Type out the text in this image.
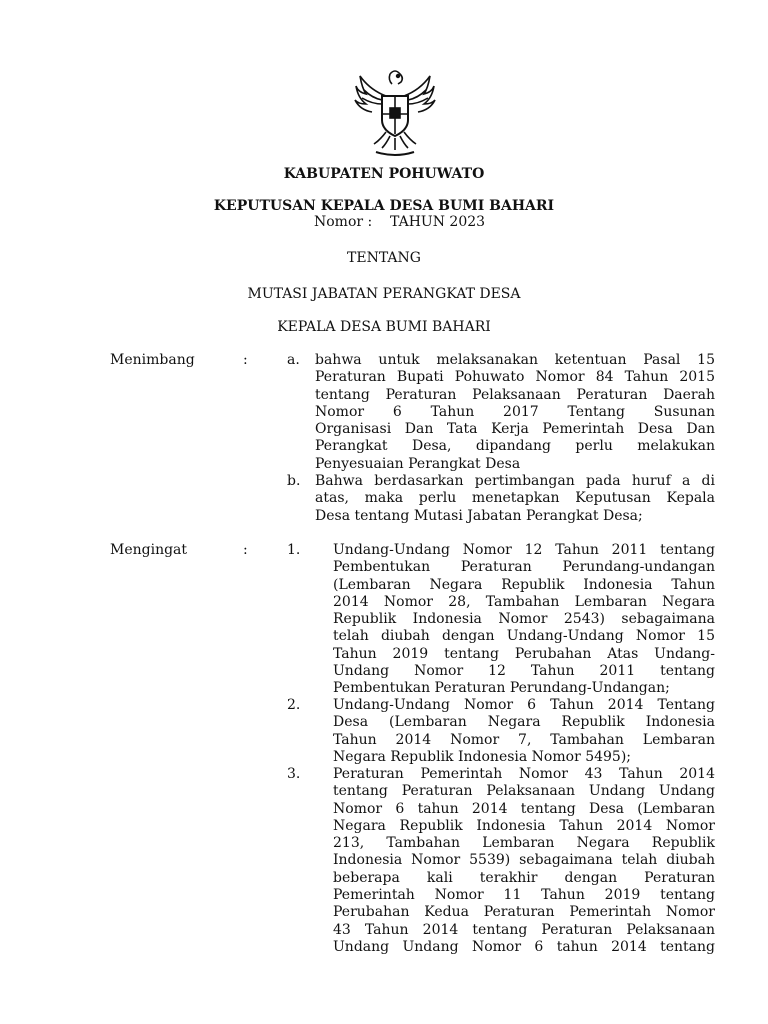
KABUPATEN POHUWATO
KEPUTUSAN KEPALA DESA BUMI BAHARI
Nomor :    TAHUN 2023
TENTANG
MUTASI JABATAN PERANGKAT DESA
KEPALA DESA BUMI BAHARI
Menimbang	:	a. bahwa untuk melaksanakan ketentuan Pasal 15
Peraturan Bupati Pohuwato Nomor 84 Tahun 2015
tentang Peraturan Pelaksanaan Peraturan Daerah
Nomor 6 Tahun 2017 Tentang Susunan
Organisasi Dan Tata Kerja Pemerintah Desa Dan
Perangkat Desa, dipandang perlu melakukan
Penyesuaian Perangkat Desa
b. Bahwa berdasarkan pertimbangan pada huruf a di
atas, maka perlu menetapkan Keputusan Kepala
Desa tentang Mutasi Jabatan Perangkat Desa;
Mengingat	:	1. Undang-Undang Nomor 12 Tahun 2011 tentang
Pembentukan Peraturan Perundang-undangan
(Lembaran Negara Republik Indonesia Tahun
2014 Nomor 28, Tambahan Lembaran Negara
Republik Indonesia Nomor 2543) sebagaimana
telah diubah dengan Undang-Undang Nomor 15
Tahun 2019 tentang Perubahan Atas Undang-
Undang Nomor 12 Tahun 2011 tentang
Pembentukan Peraturan Perundang-Undangan;
2. Undang-Undang Nomor 6 Tahun 2014 Tentang
Desa (Lembaran Negara Republik Indonesia
Tahun 2014 Nomor 7, Tambahan Lembaran
Negara Republik Indonesia Nomor 5495);
3. Peraturan Pemerintah Nomor 43 Tahun 2014
tentang Peraturan Pelaksanaan Undang Undang
Nomor 6 tahun 2014 tentang Desa (Lembaran
Negara Republik Indonesia Tahun 2014 Nomor
213, Tambahan Lembaran Negara Republik
Indonesia Nomor 5539) sebagaimana telah diubah
beberapa kali terakhir dengan Peraturan
Pemerintah Nomor 11 Tahun 2019 tentang
Perubahan Kedua Peraturan Pemerintah Nomor
43 Tahun 2014 tentang Peraturan Pelaksanaan
Undang Undang Nomor 6 tahun 2014 tentang
